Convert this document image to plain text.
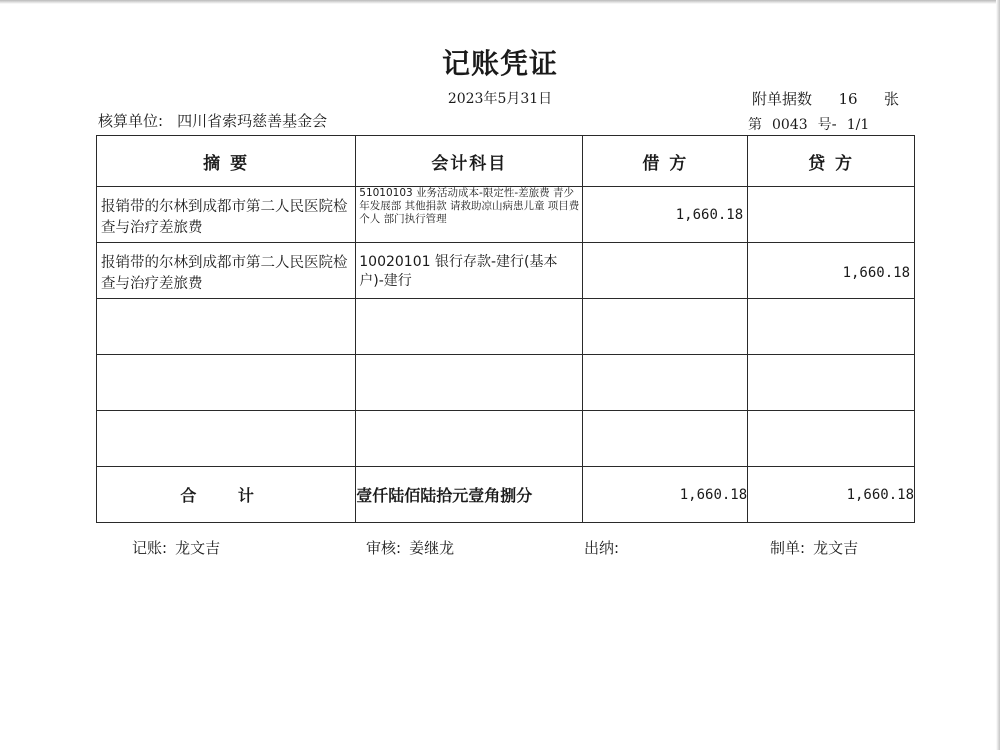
记账凭证
2023年5月31日
核算单位: 四川省索玛慈善基金会
附单据数 16 张
第 0043 号- 1/1
摘 要	会计科目	借 方	贷 方

报销带的尔林到成都市第二人民医院检查与治疗差旅费	51010103 业务活动成本-限定性-差旅费 青少年发展部 其他捐款 请救助凉山病患儿童 项目费 个人 部门执行管理	1,660.18	

报销带的尔林到成都市第二人民医院检查与治疗差旅费	10020101 银行存款-建行(基本户)-建行		1,660.18

合 计	壹仟陆佰陆拾元壹角捌分	1,660.18	1,660.18
记账: 龙文吉	审核: 姜继龙	出纳:	制单: 龙文吉
